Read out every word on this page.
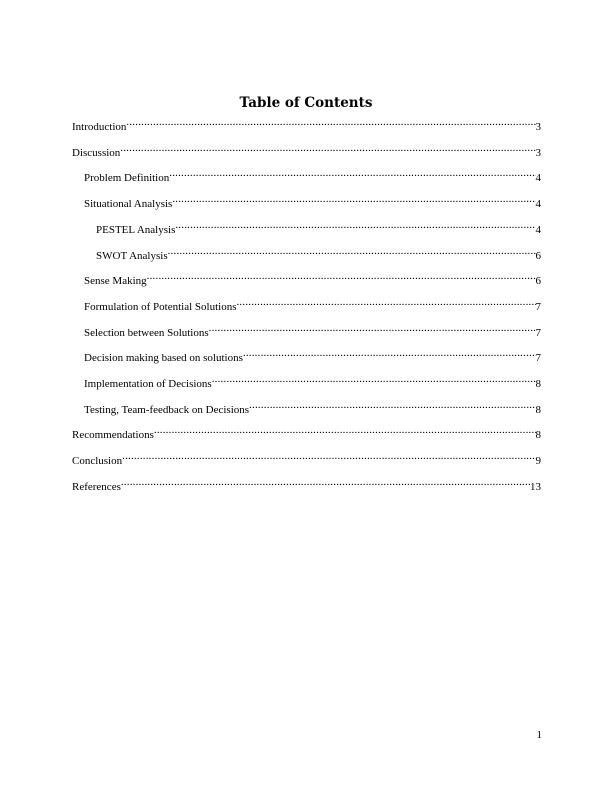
Table of Contents
Introduction .....	3
Discussion .....	3
Problem Definition .....	4
Situational Analysis .....	4
PESTEL Analysis .....	4
SWOT Analysis .....	6
Sense Making .....	6
Formulation of Potential Solutions .....	7
Selection between Solutions .....	7
Decision making based on solutions .....	7
Implementation of Decisions .....	8
Testing, Team-feedback on Decisions .....	8
Recommendations .....	8
Conclusion .....	9
References .....	13
1
